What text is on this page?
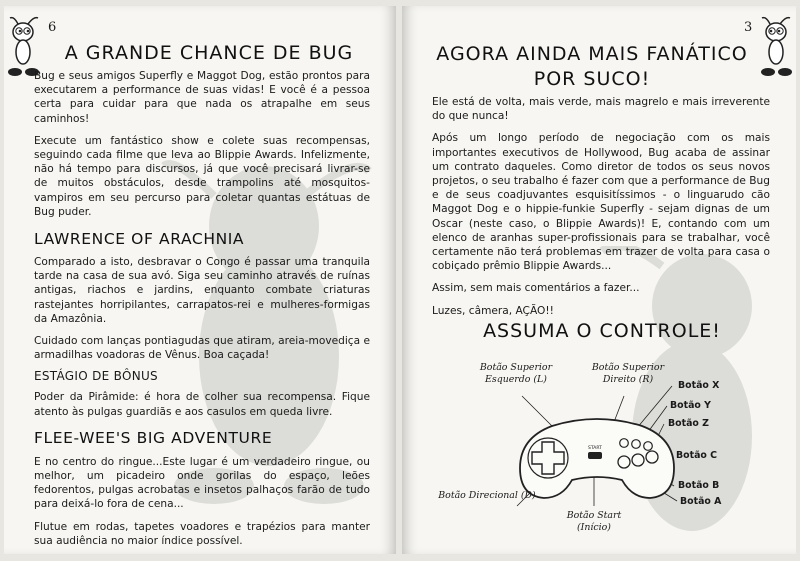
6
A GRANDE CHANCE DE BUG

Bug e seus amigos Superfly e Maggot Dog, estão prontos para executarem a performance de suas vidas! E você é a pessoa certa para cuidar para que nada os atrapalhe em seus caminhos!

Execute um fantástico show e colete suas recompensas, seguindo cada filme que leva ao Blippie Awards. Infelizmente, não há tempo para discursos, já que você precisará livrar-se de muitos obstáculos, desde trampolins até mosquitos-vampiros em seu percurso para coletar quantas estátuas de Bug puder.

LAWRENCE OF ARACHNIA

Comparado a isto, desbravar o Congo é passar uma tranquila tarde na casa de sua avó. Siga seu caminho através de ruínas antigas, riachos e jardins, enquanto combate criaturas rastejantes horripilantes, carrapatos-rei e mulheres-formigas da Amazônia.

Cuidado com lanças pontiagudas que atiram, areia-movediça e armadilhas voadoras de Vênus. Boa caçada!

ESTÁGIO DE BÔNUS

Poder da Pirâmide: é hora de colher sua recompensa. Fique atento às pulgas guardiãs e aos casulos em queda livre.

FLEE-WEE'S BIG ADVENTURE

E no centro do ringue...Este lugar é um verdadeiro ringue, ou melhor, um picadeiro onde gorilas do espaço, leões fedorentos, pulgas acrobatas e insetos palhaços farão de tudo para deixá-lo fora de cena...

Flutue em rodas, tapetes voadores e trapézios para manter sua audiência no maior índice possível.

3
AGORA AINDA MAIS FANÁTICO
POR SUCO!

Ele está de volta, mais verde, mais magrelo e mais irreverente do que nunca!

Após um longo período de negociação com os mais importantes executivos de Hollywood, Bug acaba de assinar um contrato daqueles. Como diretor de todos os seus novos projetos, o seu trabalho é fazer com que a performance de Bug e de seus coadjuvantes esquisitíssimos - o linguarudo cão Maggot Dog e o hippie-funkie Superfly - sejam dignas de um Oscar (neste caso, o Blippie Awards)! E, contando com um elenco de aranhas super-profissionais para se trabalhar, você certamente não terá problemas em trazer de volta para casa o cobiçado prêmio Blippie Awards...

Assim, sem mais comentários a fazer...

Luzes, câmera, AÇÃO!!

ASSUMA O CONTROLE!
START
Botão Superior Esquerdo (L)
Botão Superior Direito (R)
Botão X
Botão Y
Botão Z
Botão C
Botão B
Botão A
Botão Direcional (D)
Botão Start (Início)
